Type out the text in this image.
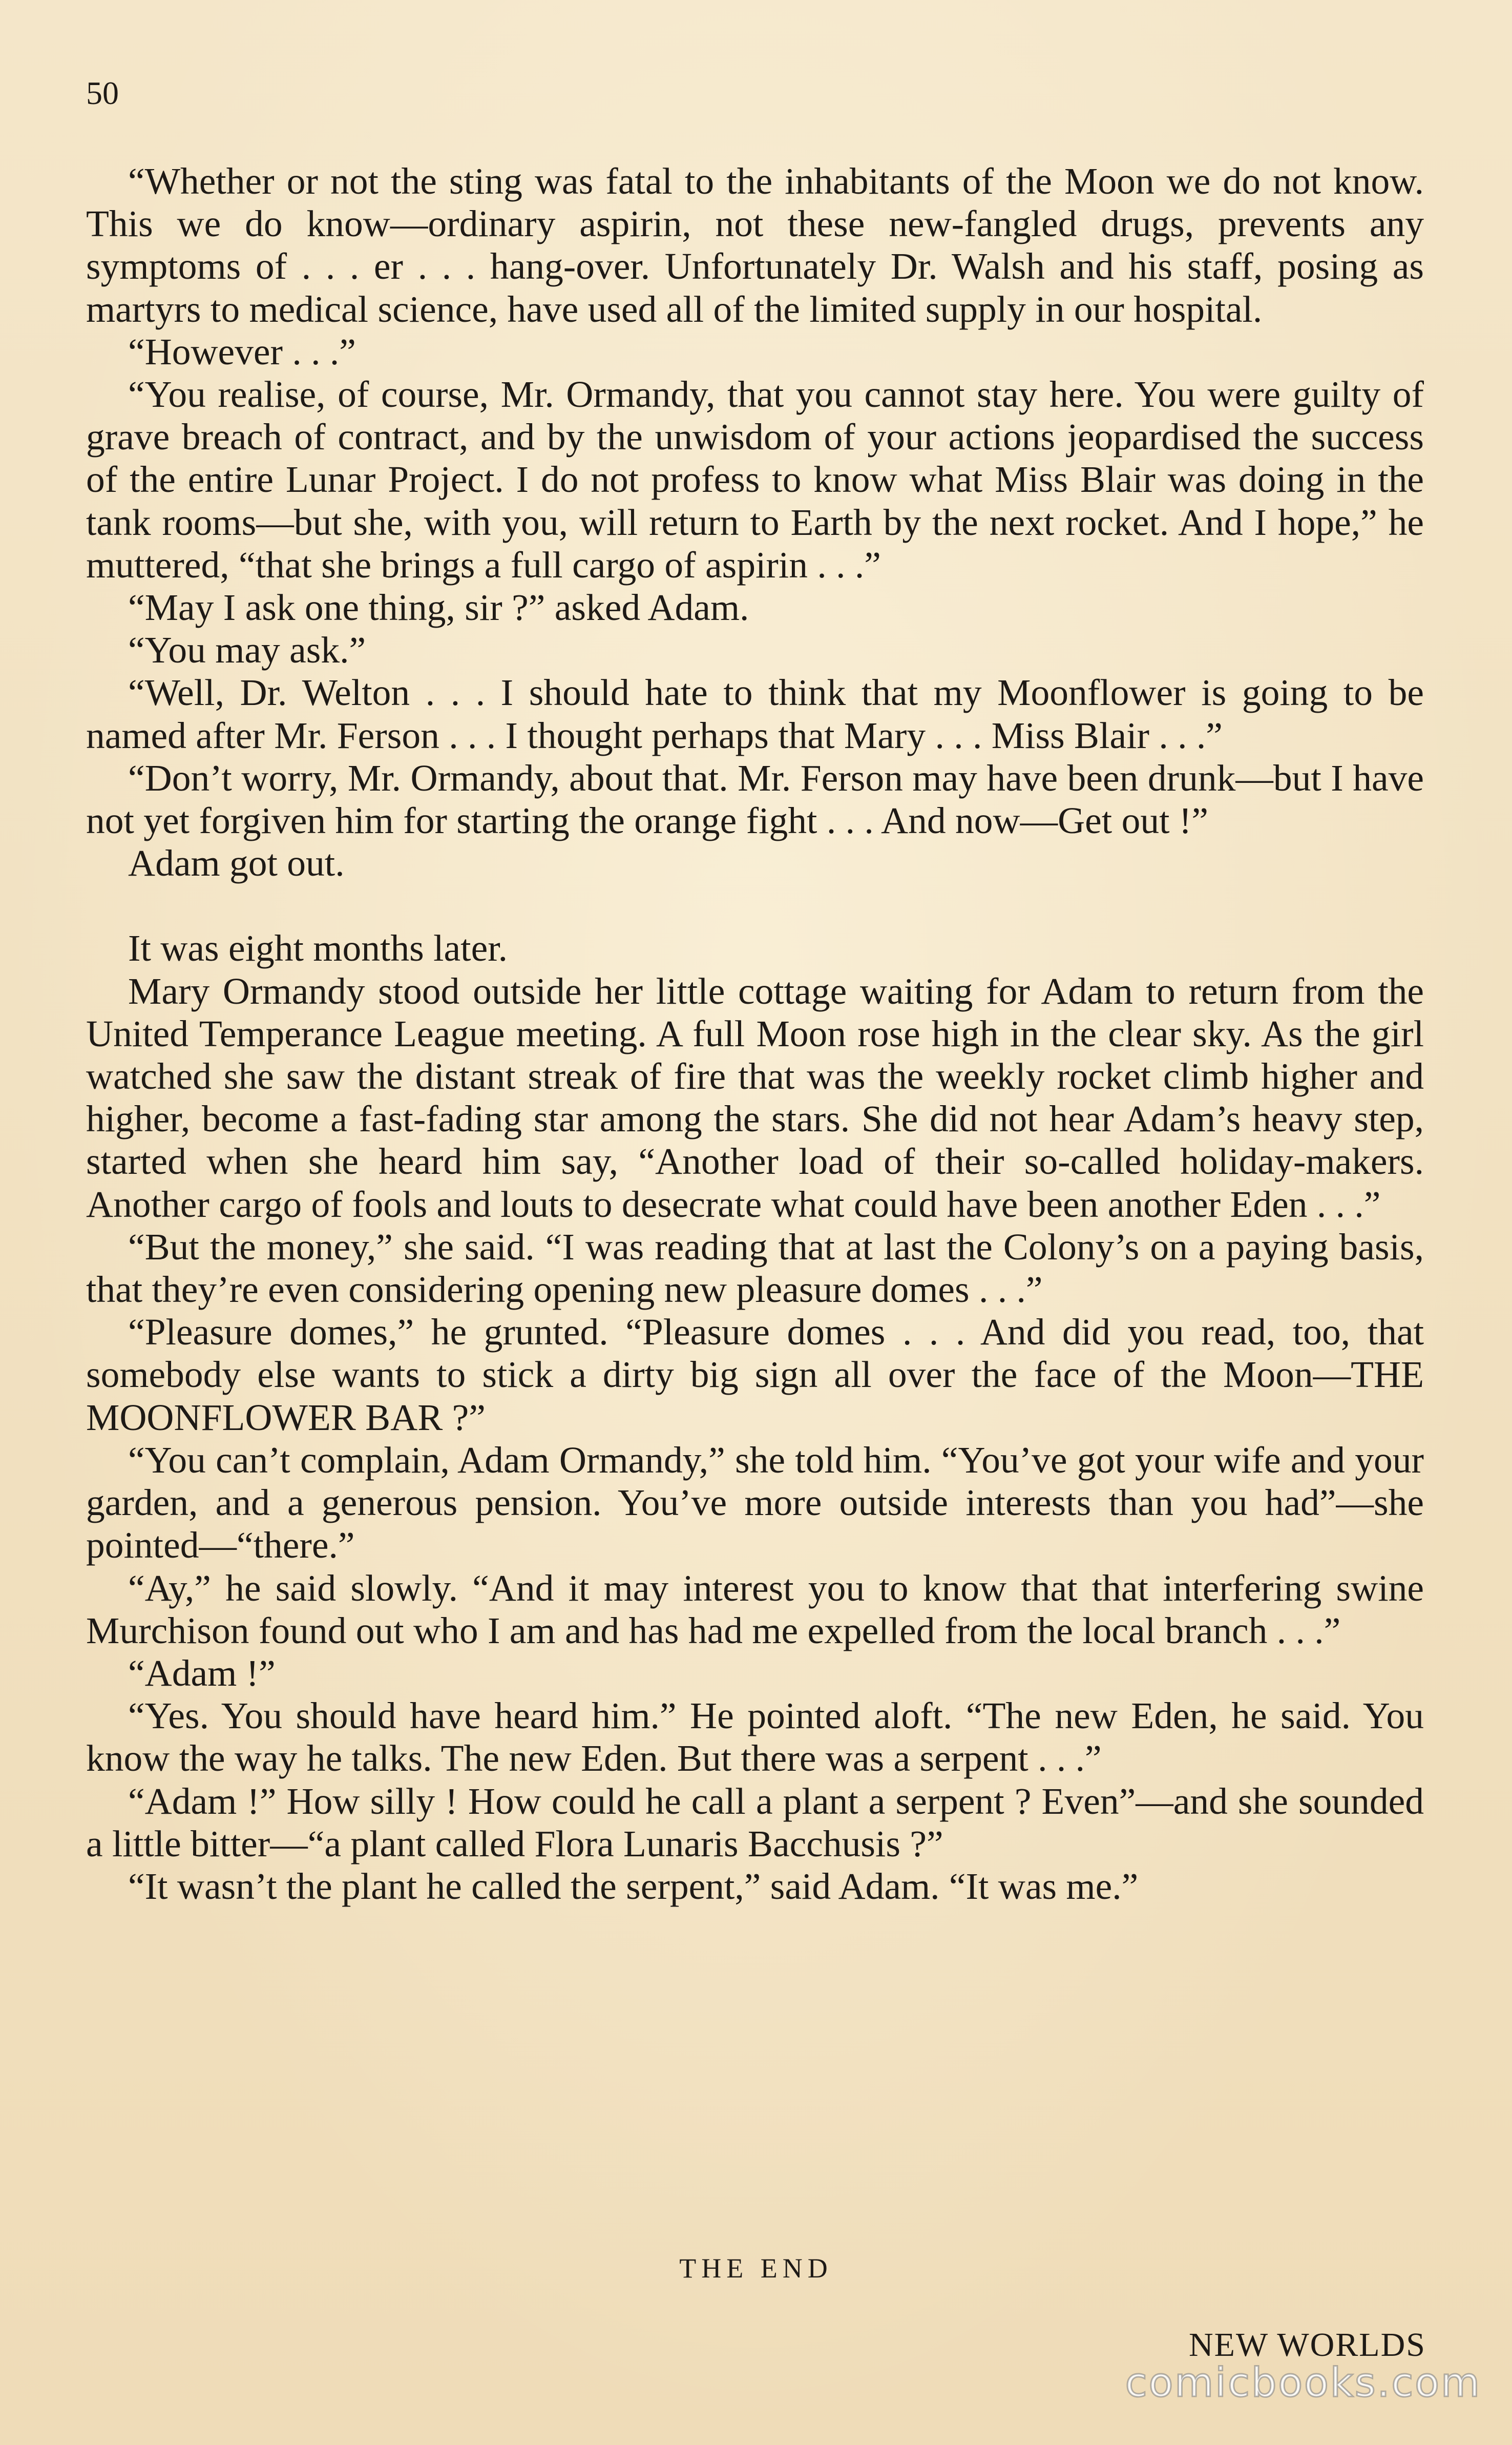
50

“Whether or not the sting was fatal to the inhabitants of the Moon we do not know. This we do know—ordinary aspirin, not these new-fangled drugs, prevents any symptoms of . . . er . . . hang-over. Unfortunately Dr. Walsh and his staff, posing as martyrs to medical science, have used all of the limited supply in our hospital.

“However . . .”

“You realise, of course, Mr. Ormandy, that you cannot stay here. You were guilty of grave breach of contract, and by the unwisdom of your actions jeopardised the success of the entire Lunar Project. I do not profess to know what Miss Blair was doing in the tank rooms—but she, with you, will return to Earth by the next rocket. And I hope,” he muttered, “that she brings a full cargo of aspirin . . .”

“May I ask one thing, sir ?” asked Adam.

“You may ask.”

“Well, Dr. Welton . . . I should hate to think that my Moonflower is going to be named after Mr. Ferson . . . I thought perhaps that Mary . . . Miss Blair . . .”

“Don’t worry, Mr. Ormandy, about that. Mr. Ferson may have been drunk—but I have not yet forgiven him for starting the orange fight . . . And now—Get out !”

Adam got out.

It was eight months later.

Mary Ormandy stood outside her little cottage waiting for Adam to return from the United Temperance League meeting. A full Moon rose high in the clear sky. As the girl watched she saw the distant streak of fire that was the weekly rocket climb higher and higher, become a fast-fading star among the stars. She did not hear Adam’s heavy step, started when she heard him say, “Another load of their so-called holiday-makers. Another cargo of fools and louts to desecrate what could have been another Eden . . .”

“But the money,” she said. “I was reading that at last the Colony’s on a paying basis, that they’re even considering opening new pleasure domes . . .”

“Pleasure domes,” he grunted. “Pleasure domes . . . And did you read, too, that somebody else wants to stick a dirty big sign all over the face of the Moon—THE MOONFLOWER BAR ?”

“You can’t complain, Adam Ormandy,” she told him. “You’ve got your wife and your garden, and a generous pension. You’ve more outside interests than you had”—she pointed—“there.”

“Ay,” he said slowly. “And it may interest you to know that that interfering swine Murchison found out who I am and has had me expelled from the local branch . . .”

“Adam !”

“Yes. You should have heard him.” He pointed aloft. “The new Eden, he said. You know the way he talks. The new Eden. But there was a serpent . . .”

“Adam !” How silly ! How could he call a plant a serpent ? Even”—and she sounded a little bitter—“a plant called Flora Lunaris Bacchusis ?”

“It wasn’t the plant he called the serpent,” said Adam. “It was me.”

THE END
NEW WORLDS
comicbooks.com
